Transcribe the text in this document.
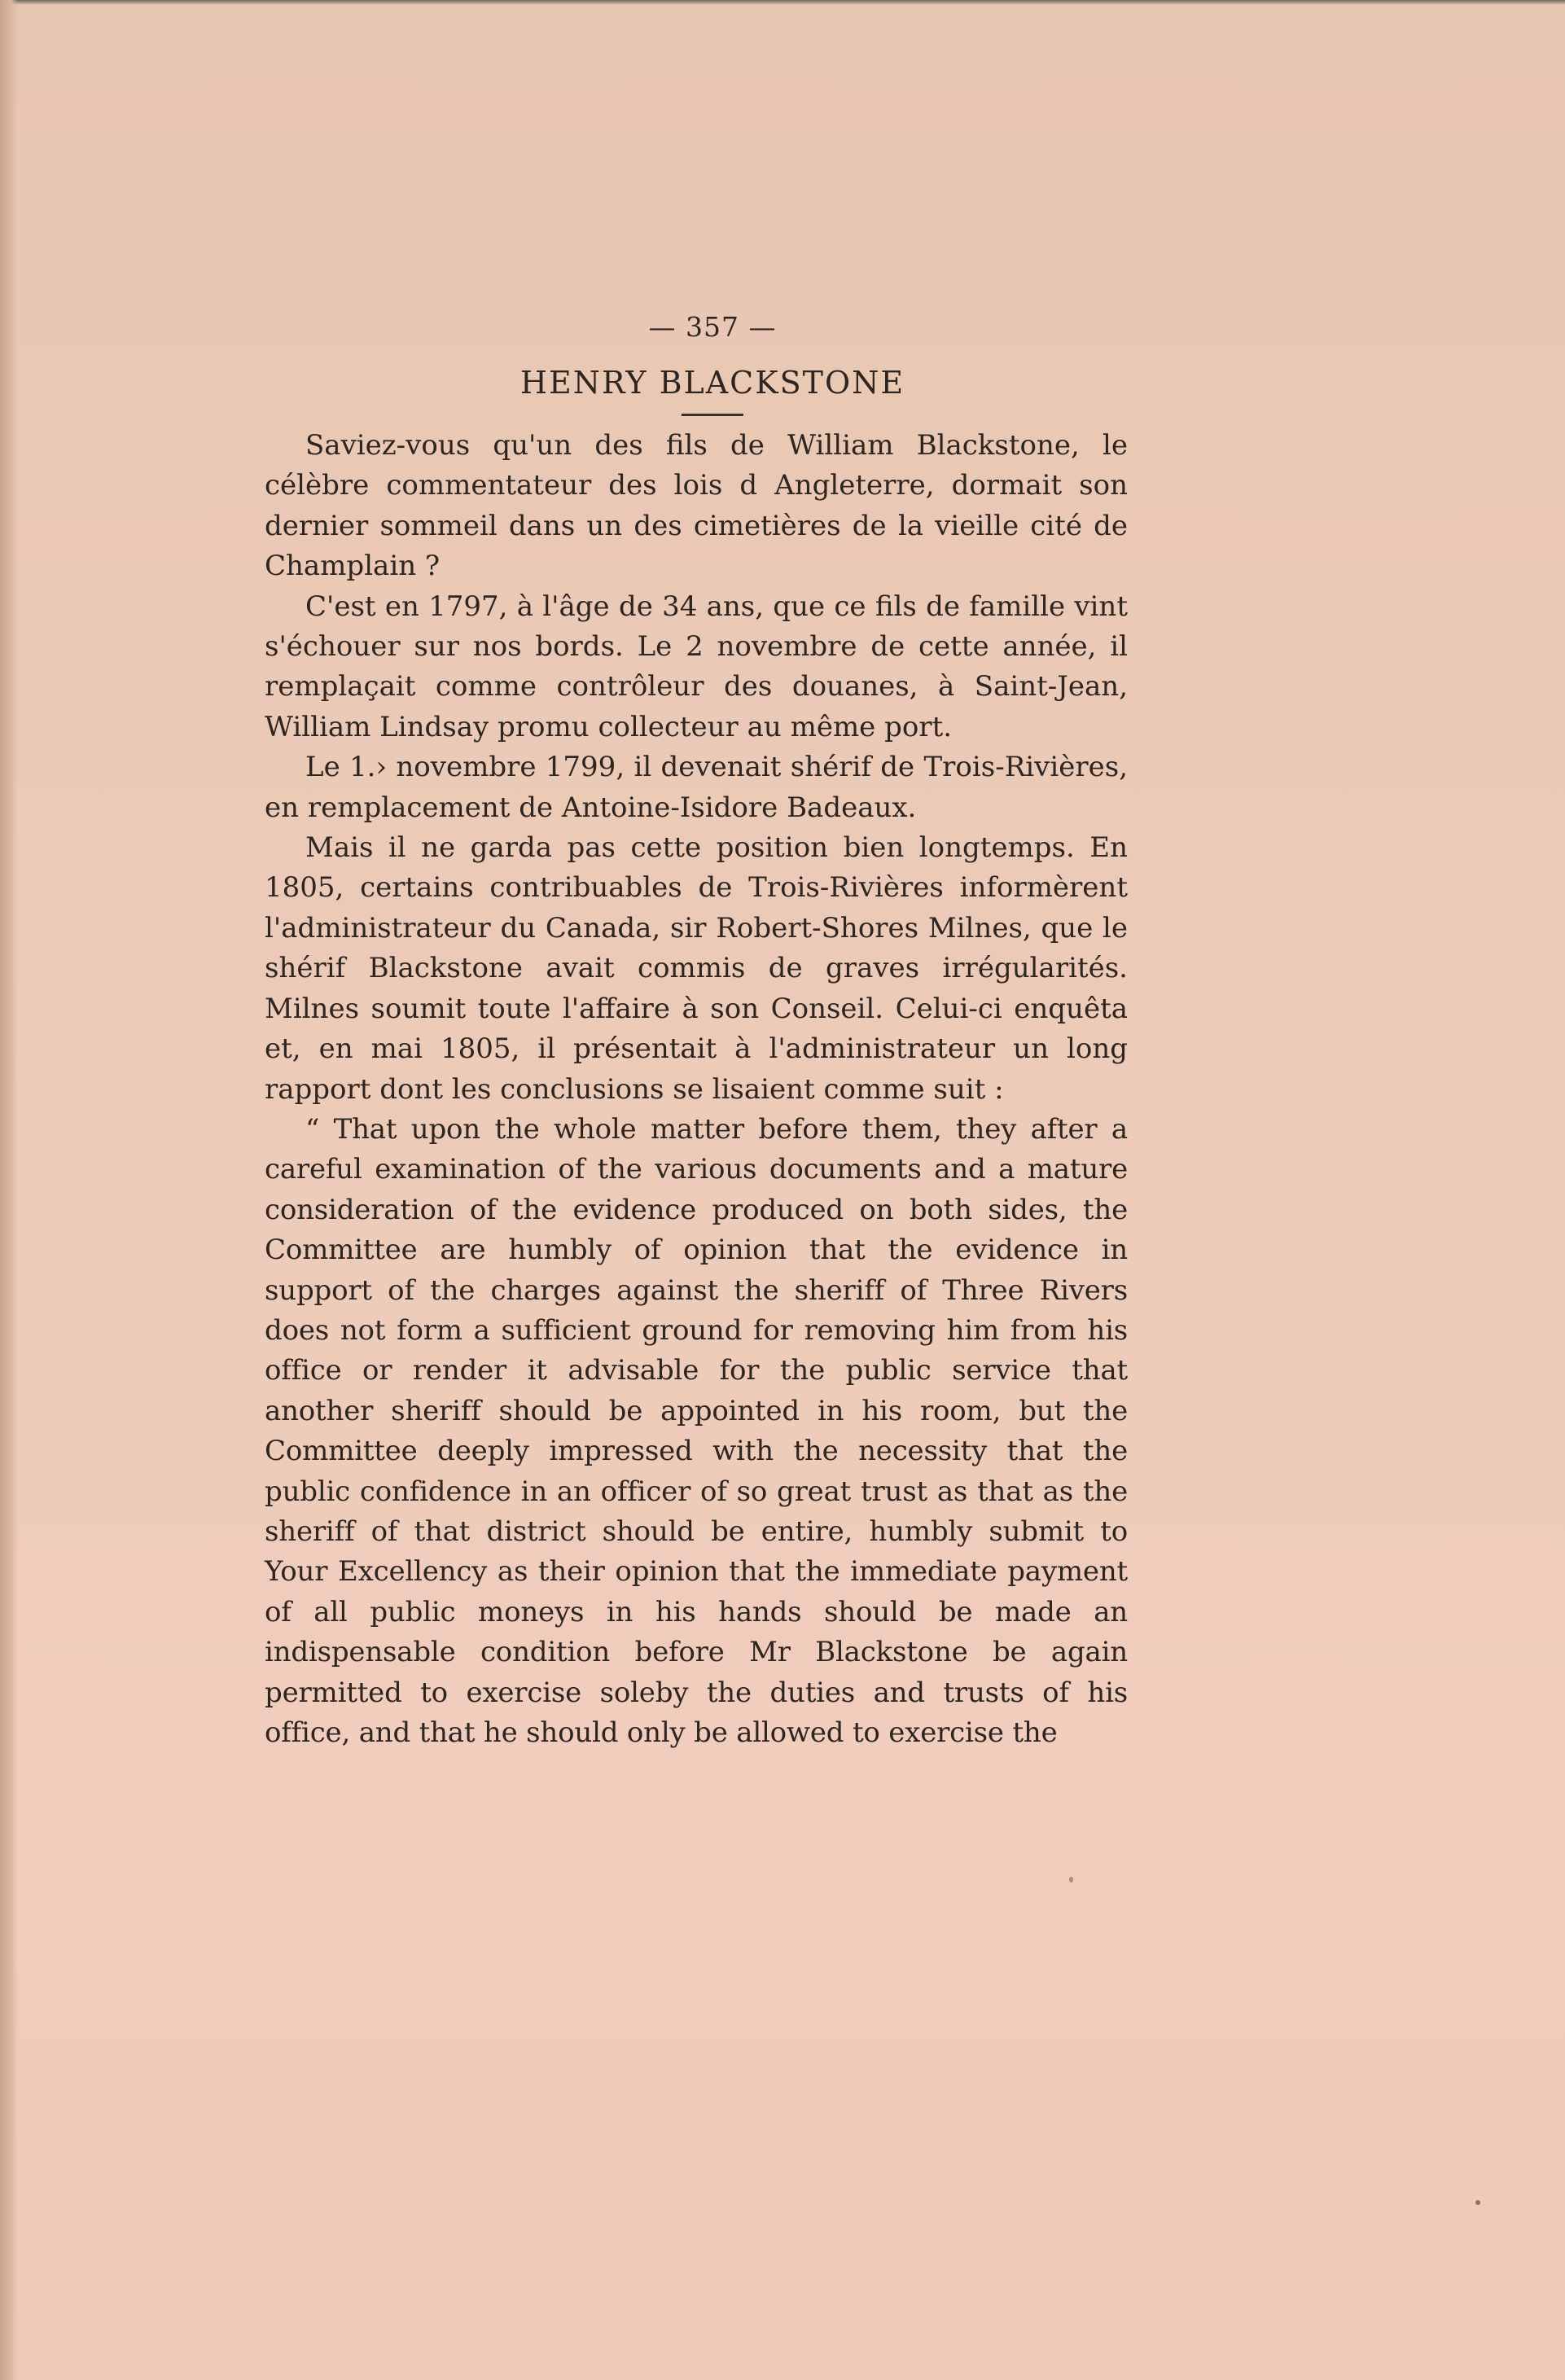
— 357 —
HENRY BLACKSTONE

Saviez-vous qu'un des fils de William Blackstone, le célèbre commentateur des lois d Angleterre, dormait son dernier sommeil dans un des cimetières de la vieille cité de Champlain ?

C'est en 1797, à l'âge de 34 ans, que ce fils de famille vint s'échouer sur nos bords. Le 2 novembre de cette année, il remplaçait comme contrôleur des douanes, à Saint-Jean, William Lindsay promu collecteur au même port.

Le 1.› novembre 1799, il devenait shérif de Trois-Rivières, en remplacement de Antoine-Isidore Badeaux.

Mais il ne garda pas cette position bien longtemps. En 1805, certains contribuables de Trois-Rivières informèrent l'administrateur du Canada, sir Robert-Shores Milnes, que le shérif Blackstone avait commis de graves irrégularités. Milnes soumit toute l'affaire à son Conseil. Celui-ci enquêta et, en mai 1805, il présentait à l'administrateur un long rapport dont les conclusions se lisaient comme suit :

“ That upon the whole matter before them, they after a careful examination of the various documents and a mature consideration of the evidence produced on both sides, the Committee are humbly of opinion that the evidence in support of the charges against the sheriff of Three Rivers does not form a sufficient ground for removing him from his office or render it advisable for the public service that another sheriff should be appointed in his room, but the Committee deeply impressed with the necessity that the public confidence in an officer of so great trust as that as the sheriff of that district should be entire, humbly submit to Your Excellency as their opinion that the immediate payment of all public moneys in his hands should be made an indispensable condition before Mr Blackstone be again permitted to exercise soleby the duties and trusts of his office, and that he should only be allowed to exercise the
